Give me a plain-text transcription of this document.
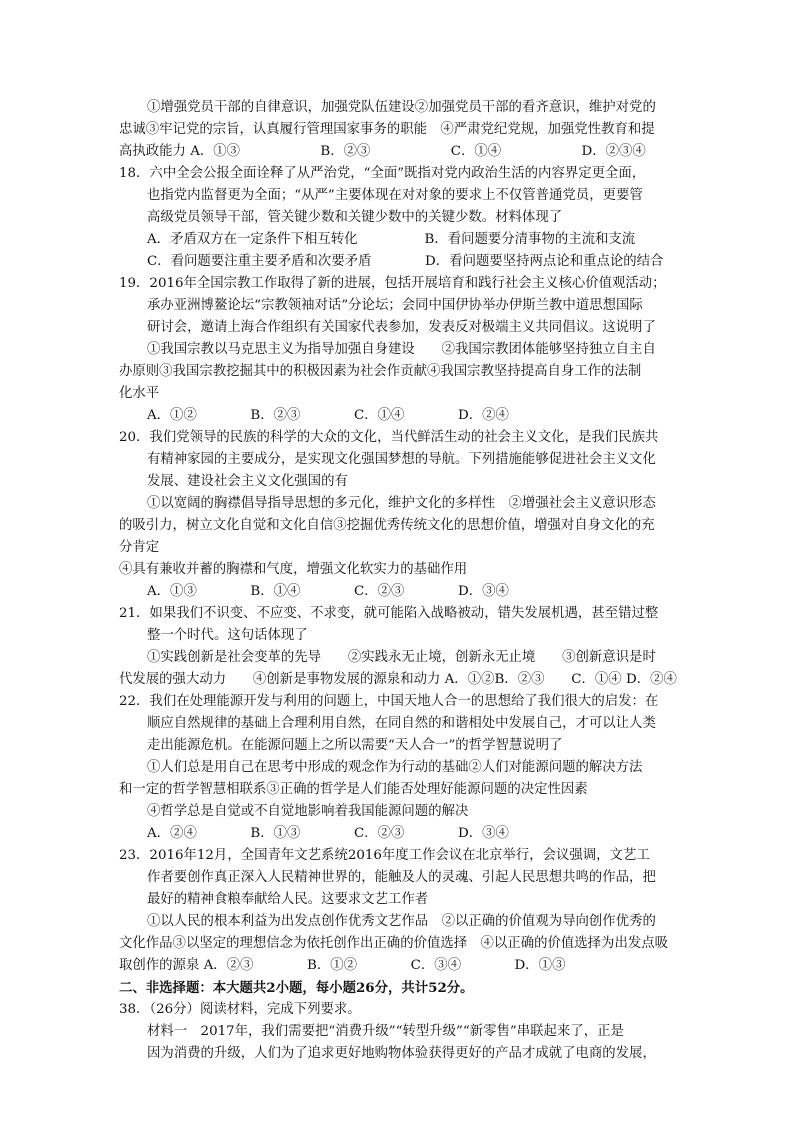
①增强党员干部的自律意识，加强党队伍建设②加强党员干部的看齐意识，维护对党的
忠诚③牢记党的宗旨，认真履行管理国家事务的职能　④严肃党纪党规，加强党性教育和提
高执政能力 A．①③　　　　　　B．②③　　　　　　C．①④　　　　　　D．②③④
18．六中全会公报全面诠释了从严治党，“全面”既指对党内政治生活的内容界定更全面，
也指党内监督更为全面；“从严”主要体现在对对象的要求上不仅管普通党员，更要管
高级党员领导干部，管关键少数和关键少数中的关键少数。材料体现了
A．矛盾双方在一定条件下相互转化　　　　　B．看问题要分清事物的主流和支流
C．看问题要注重主要矛盾和次要矛盾　　　　D．看问题要坚持两点论和重点论的结合
19．2016年全国宗教工作取得了新的进展，包括开展培育和践行社会主义核心价值观活动；
承办亚洲博鳌论坛“宗教领袖对话”分论坛；会同中国伊协举办伊斯兰教中道思想国际
研讨会，邀请上海合作组织有关国家代表参加，发表反对极端主义共同倡议。这说明了
①我国宗教以马克思主义为指导加强自身建设　　②我国宗教团体能够坚持独立自主自
办原则③我国宗教挖掘其中的积极因素为社会作贡献④我国宗教坚持提高自身工作的法制
化水平
A．①②　　　　B．②③　　　　C．①④　　　　D．②④
20．我们党领导的民族的科学的大众的文化，当代鲜活生动的社会主义文化，是我们民族共
有精神家园的主要成分，是实现文化强国梦想的导航。下列措施能够促进社会主义文化
发展、建设社会主义文化强国的有
①以宽阔的胸襟倡导指导思想的多元化，维护文化的多样性　②增强社会主义意识形态
的吸引力，树立文化自觉和文化自信③挖掘优秀传统文化的思想价值，增强对自身文化的充
分肯定
④具有兼收并蓄的胸襟和气度，增强文化软实力的基础作用
A．①③　　　　B．①④　　　　C．②③　　　　D．③④
21．如果我们不识变、不应变、不求变，就可能陷入战略被动，错失发展机遇，甚至错过整
整一个时代。这句话体现了
①实践创新是社会变革的先导　　②实践永无止境，创新永无止境　　③创新意识是时
代发展的强大动力　　④创新是事物发展的源泉和动力 A．①②B．②③　　C．①④ D．②④
22．我们在处理能源开发与利用的问题上，中国天地人合一的思想给了我们很大的启发：在
顺应自然规律的基础上合理利用自然，在同自然的和谐相处中发展自己，才可以让人类
走出能源危机。在能源问题上之所以需要“天人合一”的哲学智慧说明了
①人们总是用自己在思考中形成的观念作为行动的基础②人们对能源问题的解决方法
和一定的哲学智慧相联系③正确的哲学是人们能否处理好能源问题的决定性因素
④哲学总是自觉或不自觉地影响着我国能源问题的解决
A．②④　　　　B．①③　　　　C．②③　　　　D．③④
23．2016年12月，全国青年文艺系统2016年度工作会议在北京举行，会议强调，文艺工
作者要创作真正深入人民精神世界的，能触及人的灵魂、引起人民思想共鸣的作品，把
最好的精神食粮奉献给人民。这要求文艺工作者
①以人民的根本利益为出发点创作优秀文艺作品　②以正确的价值观为导向创作优秀的
文化作品③以坚定的理想信念为依托创作出正确的价值选择　④以正确的价值选择为出发点吸
取创作的源泉 A．②③　　　　B．①②　　　　C．③④　　　　D．①③
二、非选择题：本大题共2小题，每小题26分，共计52分。
38．（26分）阅读材料，完成下列要求。
材料一　2017年，我们需要把“消费升级”“转型升级”“新零售”串联起来了，正是
因为消费的升级，人们为了追求更好地购物体验获得更好的产品才成就了电商的发展，
